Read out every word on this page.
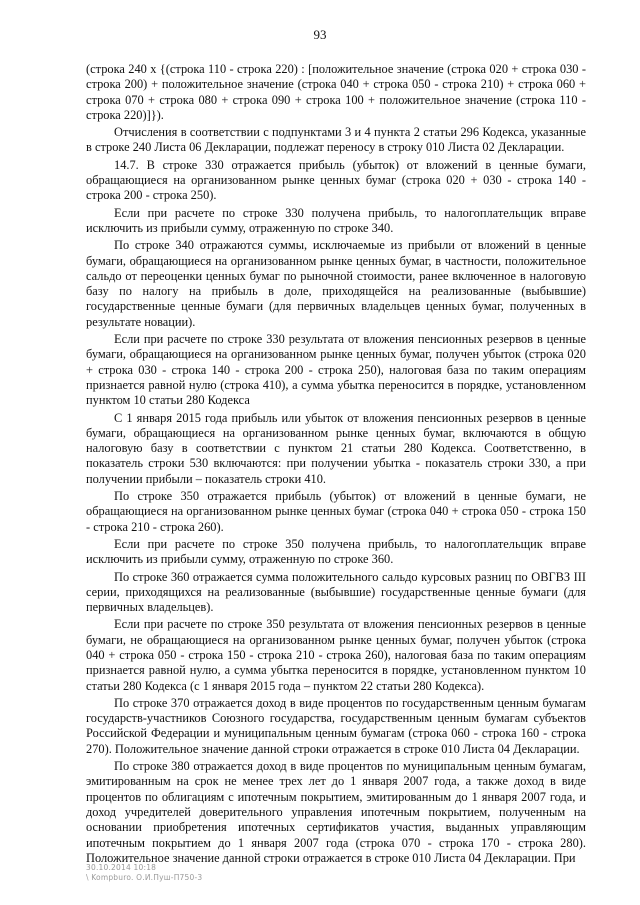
93

(строка 240 х {(строка 110 - строка 220) : [положительное значение (строка 020 + строка 030 - строка 200) + положительное значение (строка 040 + строка 050 - строка 210) + строка 060 + строка 070 + строка 080 + строка 090 + строка 100 + положительное значение (строка 110 - строка 220)]}).

Отчисления в соответствии с подпунктами 3 и 4 пункта 2 статьи 296 Кодекса, указанные в строке 240 Листа 06 Декларации, подлежат переносу в строку 010 Листа 02 Декларации.

14.7. В строке 330 отражается прибыль (убыток) от вложений в ценные бумаги, обращающиеся на организованном рынке ценных бумаг (строка 020 + 030 - строка 140 - строка 200 - строка 250).

Если при расчете по строке 330 получена прибыль, то налогоплательщик вправе исключить из прибыли сумму, отраженную по строке 340.

По строке 340 отражаются суммы, исключаемые из прибыли от вложений в ценные бумаги, обращающиеся на организованном рынке ценных бумаг, в частности, положительное сальдо от переоценки ценных бумаг по рыночной стоимости, ранее включенное в налоговую базу по налогу на прибыль в доле, приходящейся на реализованные (выбывшие) государственные ценные бумаги (для первичных владельцев ценных бумаг, полученных в результате новации).

Если при расчете по строке 330 результата от вложения пенсионных резервов в ценные бумаги, обращающиеся на организованном рынке ценных бумаг, получен убыток (строка 020 + строка 030 - строка 140 - строка 200 - строка 250), налоговая база по таким операциям признается равной нулю (строка 410), а сумма убытка переносится в порядке, установленном пунктом 10 статьи 280 Кодекса

С 1 января 2015 года прибыль или убыток от вложения пенсионных резервов в ценные бумаги, обращающиеся на организованном рынке ценных бумаг, включаются в общую налоговую базу в соответствии с пунктом 21 статьи 280 Кодекса. Соответственно, в показатель строки 530 включаются: при получении убытка - показатель строки 330, а при получении прибыли – показатель строки 410.

По строке 350 отражается прибыль (убыток) от вложений в ценные бумаги, не обращающиеся на организованном рынке ценных бумаг (строка 040 + строка 050 - строка 150 - строка 210 - строка 260).

Если при расчете по строке 350 получена прибыль, то налогоплательщик вправе исключить из прибыли сумму, отраженную по строке 360.

По строке 360 отражается сумма положительного сальдо курсовых разниц по ОВГВЗ III серии, приходящихся на реализованные (выбывшие) государственные ценные бумаги (для первичных владельцев).

Если при расчете по строке 350 результата от вложения пенсионных резервов в ценные бумаги, не обращающиеся на организованном рынке ценных бумаг, получен убыток (строка 040 + строка 050 - строка 150 - строка 210 - строка 260), налоговая база по таким операциям признается равной нулю, а сумма убытка переносится в порядке, установленном пунктом 10 статьи 280 Кодекса (с 1 января 2015 года – пунктом 22 статьи 280 Кодекса).

По строке 370 отражается доход в виде процентов по государственным ценным бумагам государств-участников Союзного государства, государственным ценным бумагам субъектов Российской Федерации и муниципальным ценным бумагам (строка 060 - строка 160 - строка 270). Положительное значение данной строки отражается в строке 010 Листа 04 Декларации.

По строке 380 отражается доход в виде процентов по муниципальным ценным бумагам, эмитированным на срок не менее трех лет до 1 января 2007 года, а также доход в виде процентов по облигациям с ипотечным покрытием, эмитированным до 1 января 2007 года, и доход учредителей доверительного управления ипотечным покрытием, полученным на основании приобретения ипотечных сертификатов участия, выданных управляющим ипотечным покрытием до 1 января 2007 года (строка 070 - строка 170 - строка 280). Положительное значение данной строки отражается в строке 010 Листа 04 Декларации. При

30.10.2014 10:18
\ Kompburo. О.И.Пуш-П750-3
